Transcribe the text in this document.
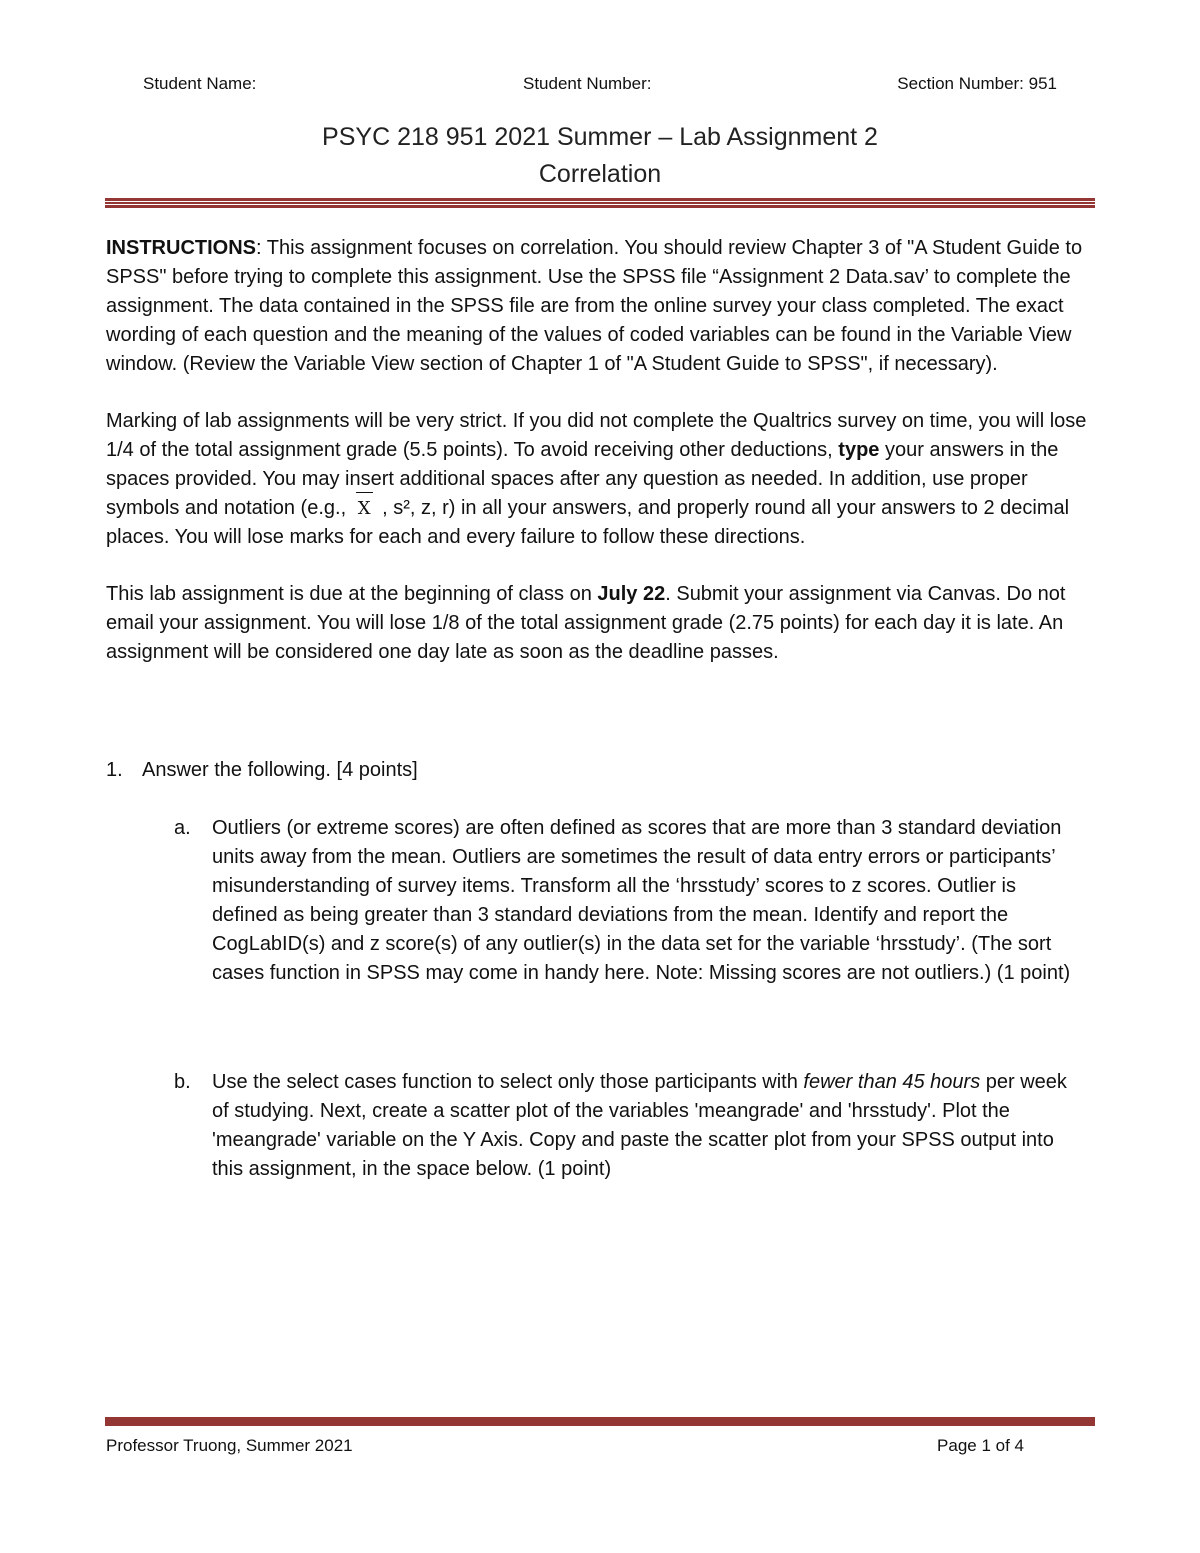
Student Name:	Student Number:	Section Number: 951
PSYC 218 951 2021 Summer – Lab Assignment 2
Correlation

INSTRUCTIONS: This assignment focuses on correlation. You should review Chapter 3 of "A Student Guide to SPSS" before trying to complete this assignment. Use the SPSS file “Assignment 2 Data.sav’ to complete the assignment. The data contained in the SPSS file are from the online survey your class completed. The exact wording of each question and the meaning of the values of coded variables can be found in the Variable View window. (Review the Variable View section of Chapter 1 of "A Student Guide to SPSS", if necessary).

Marking of lab assignments will be very strict. If you did not complete the Qualtrics survey on time, you will lose 1/4 of the total assignment grade (5.5 points). To avoid receiving other deductions, type your answers in the spaces provided. You may insert additional spaces after any question as needed. In addition, use proper symbols and notation (e.g., X , s², z, r) in all your answers, and properly round all your answers to 2 decimal places. You will lose marks for each and every failure to follow these directions.

This lab assignment is due at the beginning of class on July 22. Submit your assignment via Canvas. Do not email your assignment. You will lose 1/8 of the total assignment grade (2.75 points) for each day it is late. An assignment will be considered one day late as soon as the deadline passes.

1. Answer the following. [4 points]
a. Outliers (or extreme scores) are often defined as scores that are more than 3 standard deviation units away from the mean. Outliers are sometimes the result of data entry errors or participants’ misunderstanding of survey items. Transform all the ‘hrsstudy’ scores to z scores. Outlier is defined as being greater than 3 standard deviations from the mean. Identify and report the CogLabID(s) and z score(s) of any outlier(s) in the data set for the variable ‘hrsstudy’. (The sort cases function in SPSS may come in handy here. Note: Missing scores are not outliers.) (1 point)
b. Use the select cases function to select only those participants with fewer than 45 hours per week of studying. Next, create a scatter plot of the variables 'meangrade' and 'hrsstudy'. Plot the 'meangrade' variable on the Y Axis. Copy and paste the scatter plot from your SPSS output into this assignment, in the space below. (1 point)
Professor Truong, Summer 2021	Page 1 of 4
